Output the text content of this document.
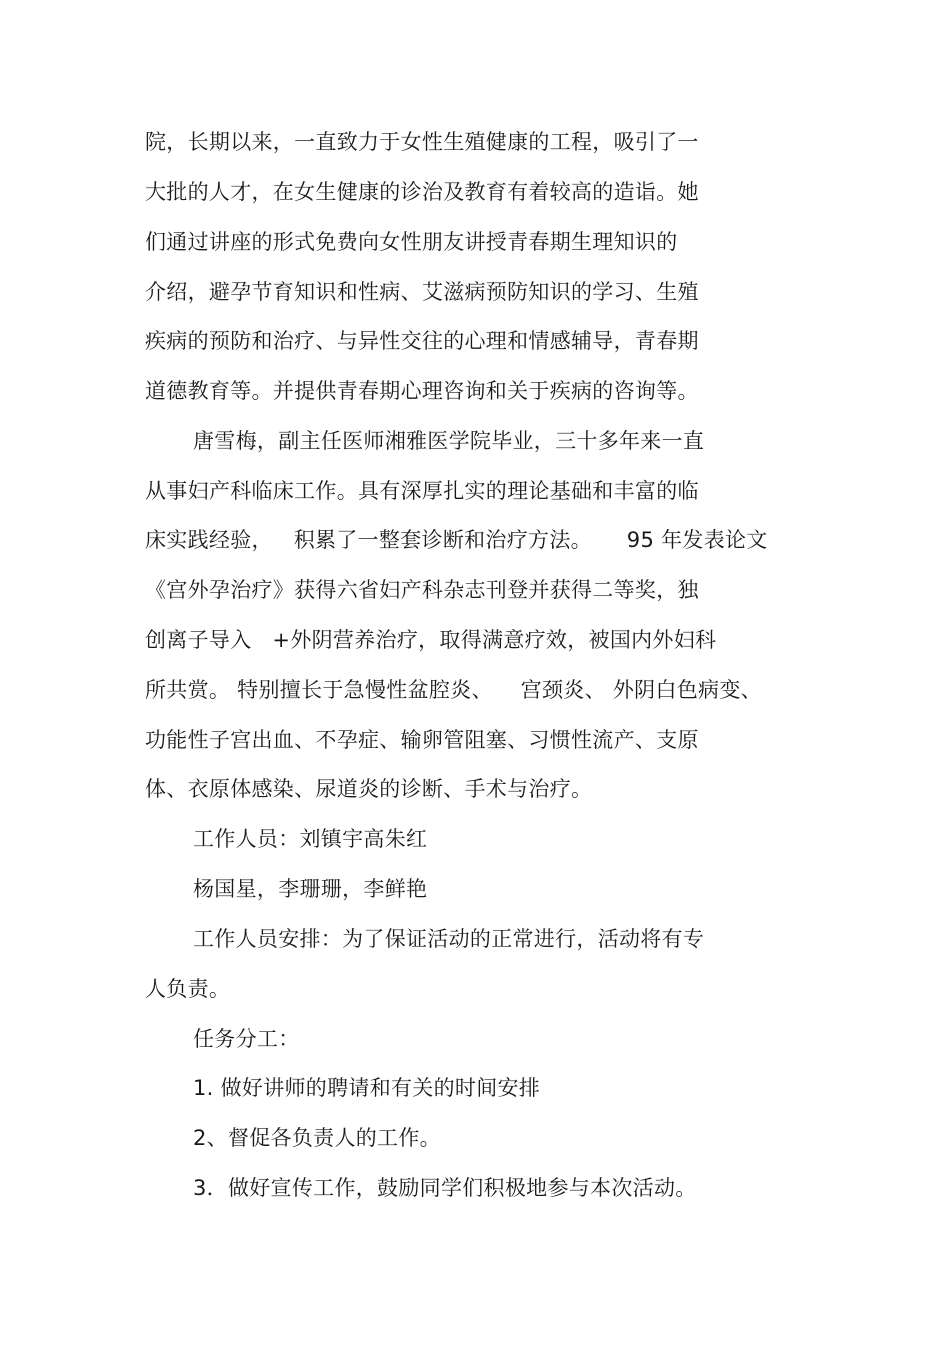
院，长期以来，一直致力于女性生殖健康的工程，吸引了一
大批的人才，在女生健康的诊治及教育有着较高的造诣。她
们通过讲座的形式免费向女性朋友讲授青春期生理知识的
介绍，避孕节育知识和性病、艾滋病预防知识的学习、生殖
疾病的预防和治疗、与异性交往的心理和情感辅导，青春期
道德教育等。并提供青春期心理咨询和关于疾病的咨询等。
唐雪梅，副主任医师湘雅医学院毕业，三十多年来一直
从事妇产科临床工作。具有深厚扎实的理论基础和丰富的临
床实践经验，   积累了一整套诊断和治疗方法。     95 年发表论文
《宫外孕治疗》获得六省妇产科杂志刊登并获得二等奖，独
创离子导入   +外阴营养治疗，取得满意疗效，被国内外妇科
所共赏。 特别擅长于急慢性盆腔炎、    宫颈炎、 外阴白色病变、
功能性子宫出血、不孕症、输卵管阻塞、习惯性流产、支原
体、衣原体感染、尿道炎的诊断、手术与治疗。
工作人员：刘镇宇高朱红
杨国星，李珊珊，李鲜艳
工作人员安排：为了保证活动的正常进行，活动将有专
人负责。
任务分工：
1. 做好讲师的聘请和有关的时间安排
2、督促各负责人的工作。
3．做好宣传工作，鼓励同学们积极地参与本次活动。
